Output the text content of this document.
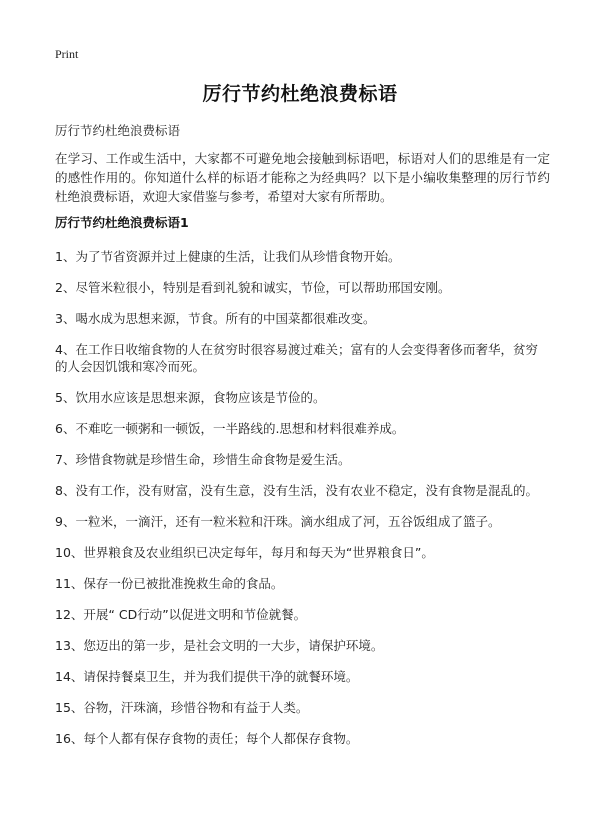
Print
厉行节约杜绝浪费标语
厉行节约杜绝浪费标语

在学习、工作或生活中，大家都不可避免地会接触到标语吧，标语对人们的思维是有一定的感性作用的。你知道什么样的标语才能称之为经典吗？以下是小编收集整理的厉行节约杜绝浪费标语，欢迎大家借鉴与参考，希望对大家有所帮助。

厉行节约杜绝浪费标语1
1、为了节省资源并过上健康的生活，让我们从珍惜食物开始。
2、尽管米粒很小，特别是看到礼貌和诚实，节俭，可以帮助邢国安刚。
3、喝水成为思想来源，节食。所有的中国菜都很难改变。
4、在工作日收缩食物的人在贫穷时很容易渡过难关；富有的人会变得奢侈而奢华，贫穷的人会因饥饿和寒冷而死。
5、饮用水应该是思想来源，食物应该是节俭的。
6、不难吃一顿粥和一顿饭，一半路线的.思想和材料很难养成。
7、珍惜食物就是珍惜生命，珍惜生命食物是爱生活。
8、没有工作，没有财富，没有生意，没有生活，没有农业不稳定，没有食物是混乱的。
9、一粒米，一滴汗，还有一粒米粒和汗珠。滴水组成了河，五谷饭组成了篮子。
10、世界粮食及农业组织已决定每年，每月和每天为“世界粮食日”。
11、保存一份已被批准挽救生命的食品。
12、开展“ CD行动”以促进文明和节俭就餐。
13、您迈出的第一步，是社会文明的一大步，请保护环境。
14、请保持餐桌卫生，并为我们提供干净的就餐环境。
15、谷物，汗珠滴，珍惜谷物和有益于人类。
16、每个人都有保存食物的责任；每个人都保存食物。
